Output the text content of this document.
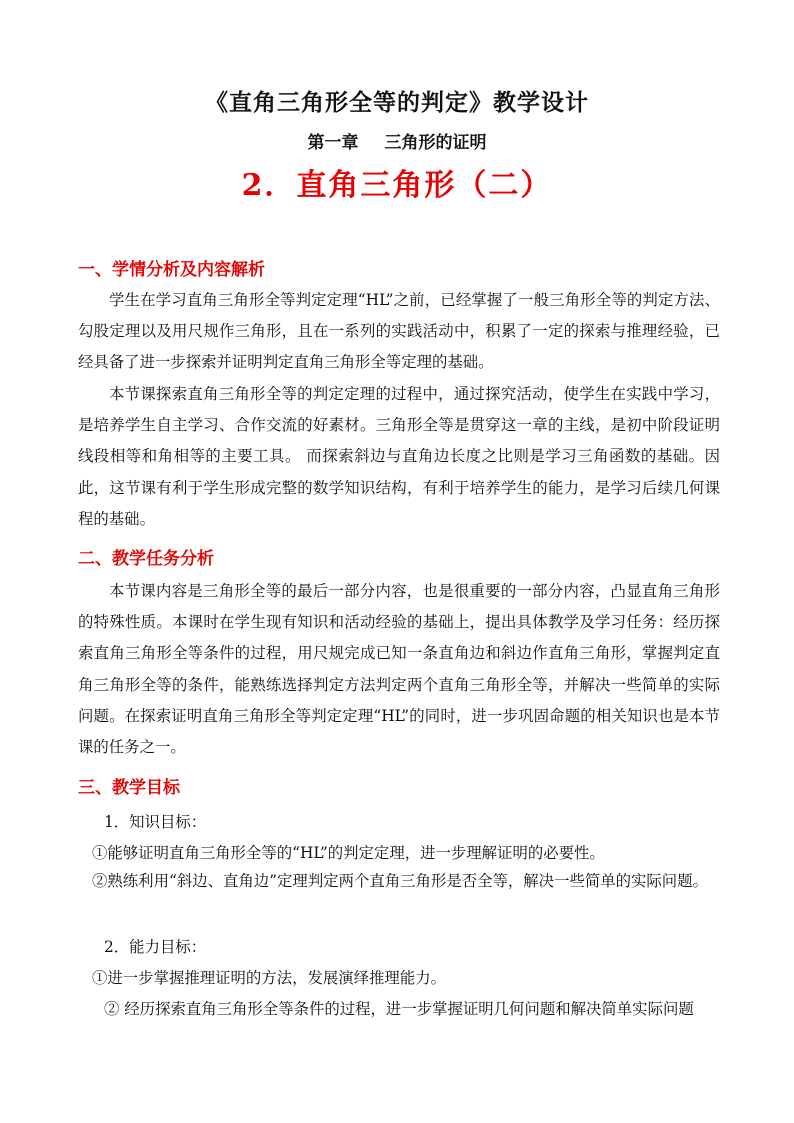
《直角三角形全等的判定》教学设计
第一章 三角形的证明
2．直角三角形（二）
一、学情分析及内容解析

学生在学习直角三角形全等判定定理“HL”之前，已经掌握了一般三角形全等的判定方法、勾股定理以及用尺规作三角形，且在一系列的实践活动中，积累了一定的探索与推理经验，已经具备了进一步探索并证明判定直角三角形全等定理的基础。

本节课探索直角三角形全等的判定定理的过程中，通过探究活动，使学生在实践中学习，是培养学生自主学习、合作交流的好素材。三角形全等是贯穿这一章的主线，是初中阶段证明线段相等和角相等的主要工具。 而探索斜边与直角边长度之比则是学习三角函数的基础。因此，这节课有利于学生形成完整的数学知识结构，有利于培养学生的能力，是学习后续几何课程的基础。

二、教学任务分析

本节课内容是三角形全等的最后一部分内容，也是很重要的一部分内容，凸显直角三角形的特殊性质。本课时在学生现有知识和活动经验的基础上，提出具体教学及学习任务：经历探索直角三角形全等条件的过程，用尺规完成已知一条直角边和斜边作直角三角形，掌握判定直角三角形全等的条件，能熟练选择判定方法判定两个直角三角形全等，并解决一些简单的实际问题。在探索证明直角三角形全等判定定理“HL”的同时，进一步巩固命题的相关知识也是本节课的任务之一。

三、教学目标
1．知识目标：
①能够证明直角三角形全等的“HL”的判定定理，进一步理解证明的必要性。

②熟练利用“斜边、直角边”定理判定两个直角三角形是否全等，解决一些简单的实际问题。

2．能力目标：
①进一步掌握推理证明的方法，发展演绎推理能力。
② 经历探索直角三角形全等条件的过程，进一步掌握证明几何问题和解决简单实际问题
